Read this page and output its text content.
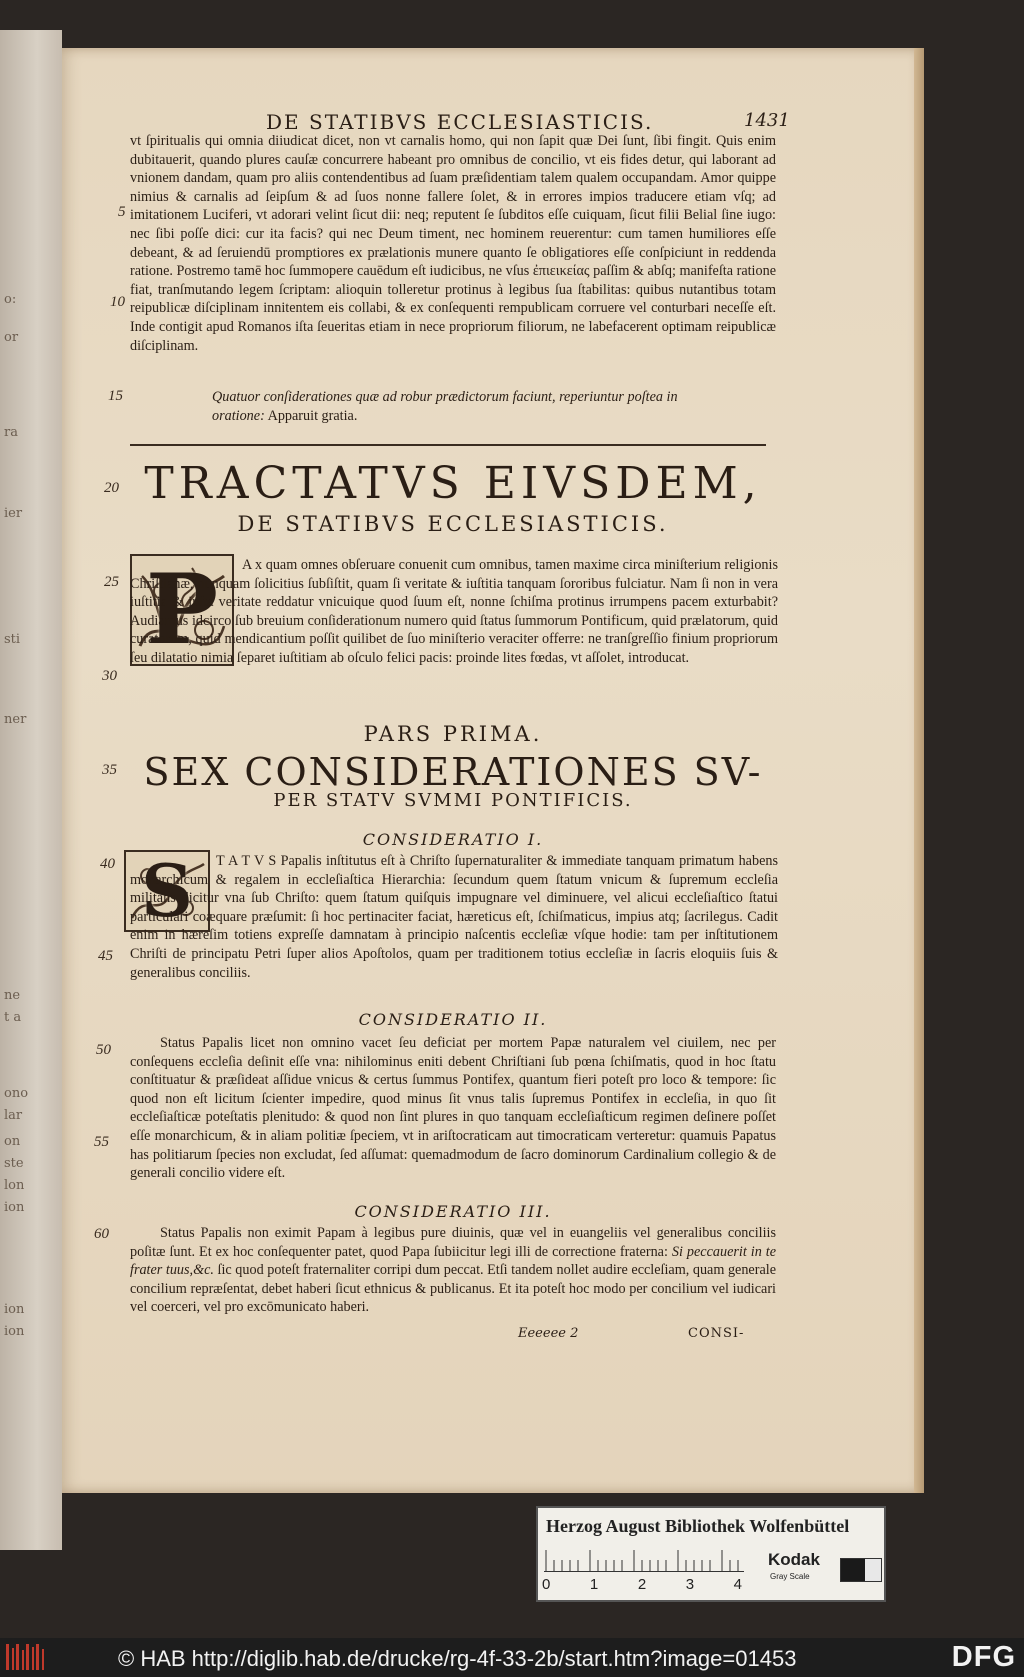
o:
or
ra
ier
sti
ner
ne
t a
ono
lar
on
ste
lon
ion
ion
ion
DE STATIBVS ECCLESIASTICIS.	1431
5
10
15
20
25
30
35
40
45
50
55
60

vt ſpiritualis qui omnia diiudicat dicet, non vt carnalis homo, qui non ſapit quæ Dei ſunt, ſibi fingit. Quis enim dubitauerit, quando plures cauſæ concurrere habeant pro omnibus de concilio, vt eis fides detur, qui laborant ad vnionem dandam, quam pro aliis contendentibus ad ſuam præſidentiam talem qualem occupandam. Amor quippe nimius & carnalis ad ſeipſum & ad ſuos nonne fallere ſolet, & in errores impios traducere etiam vſq; ad imitationem Luciferi, vt adorari velint ſicut dii: neq; reputent ſe ſubditos eſſe cuiquam, ſicut filii Belial ſine iugo: nec ſibi poſſe dici: cur ita facis? qui nec Deum timent, nec hominem reuerentur: cum tamen humiliores eſſe debeant, & ad ſeruiendū promptiores ex prælationis munere quanto ſe obligatiores eſſe conſpiciunt in reddenda ratione. Postremo tamē hoc ſummopere cauēdum eſt iudicibus, ne vſus ἐπιεικείας paſſim & abſq; manifeſta ratione fiat, tranſmutando legem ſcriptam: alioquin tolleretur protinus à legibus ſua ſtabilitas: quibus nutantibus totam reipublicæ diſciplinam innitentem eis collabi, & ex conſequenti rempublicam corruere vel conturbari neceſſe eſt. Inde contigit apud Romanos iſta ſeueritas etiam in nece propriorum filiorum, ne labefacerent optimam reipublicæ diſciplinam.

Quatuor conſiderationes quæ ad robur prædictorum faciunt, reperiuntur poſtea in oratione: Apparuit gratia.
TRACTATVS EIVSDEM,
DE STATIBVS ECCLESIASTICIS.
P	A x quam omnes obſeruare conuenit cum omnibus, tamen maxime circa miniſterium religionis Chriſtianæ, nunquam ſolicitius ſubſiſtit, quam ſi veritate & iuſtitia tanquam ſororibus fulciatur. Nam ſi non in vera iuſtitia & iuſta veritate reddatur vnicuique quod ſuum eſt, nonne ſchiſma protinus irrumpens pacem exturbabit? Audiamus idcirco ſub breuium conſiderationum numero quid ſtatus ſummorum Pontificum, quid prælatorum, quid curatorum, quid mendicantium poſſit quilibet de ſuo miniſterio veraciter offerre: ne tranſgreſſio finium propriorum ſeu dilatatio nimia ſeparet iuſtitiam ab oſculo felici pacis: proinde lites fœdas, vt aſſolet, introducat.

PARS PRIMA.
SEX CONSIDERATIONES SV-
PER STATV SVMMI PONTIFICIS.
CONSIDERATIO I.
S	T A T V S Papalis inſtitutus eſt à Chriſto ſupernaturaliter & immediate tanquam primatum habens monarchicum & regalem in eccleſiaſtica Hierarchia: ſecundum quem ſtatum vnicum & ſupremum eccleſia militans dicitur vna ſub Chriſto: quem ſtatum quiſquis impugnare vel diminuere, vel alicui eccleſiaſtico ſtatui particulari coæquare præſumit: ſi hoc pertinaciter faciat, hæreticus eſt, ſchiſmaticus, impius atq; ſacrilegus. Cadit enim in hæreſim totiens expreſſe damnatam à principio naſcentis eccleſiæ vſque hodie: tam per inſtitutionem Chriſti de principatu Petri ſuper alios Apoſtolos, quam per traditionem totius eccleſiæ in ſacris eloquiis ſuis & generalibus conciliis.

CONSIDERATIO II.

Status Papalis licet non omnino vacet ſeu deficiat per mortem Papæ naturalem vel ciuilem, nec per conſequens eccleſia deſinit eſſe vna: nihilominus eniti debent Chriſtiani ſub pœna ſchiſmatis, quod in hoc ſtatu conſtituatur & præſideat aſſidue vnicus & certus ſummus Pontifex, quantum fieri poteſt pro loco & tempore: ſic quod non eſt licitum ſcienter impedire, quod minus ſit vnus talis ſupremus Pontifex in eccleſia, in quo ſit eccleſiaſticæ poteſtatis plenitudo: & quod non ſint plures in quo tanquam eccleſiaſticum regimen deſinere poſſet eſſe monarchicum, & in aliam politiæ ſpeciem, vt in ariſtocraticam aut timocraticam verteretur: quamuis Papatus has politiarum ſpecies non excludat, ſed aſſumat: quemadmodum de ſacro dominorum Cardinalium collegio & de generali concilio videre eſt.

CONSIDERATIO III.

Status Papalis non eximit Papam à legibus pure diuinis, quæ vel in euangeliis vel generalibus conciliis poſitæ ſunt. Et ex hoc conſequenter patet, quod Papa ſubiicitur legi illi de correctione fraterna: Si peccauerit in te frater tuus,&c. ſic quod poteſt fraternaliter corripi dum peccat. Etſi tandem nollet audire eccleſiam, quam generale concilium repræſentat, debet haberi ſicut ethnicus & publicanus. Et ita poteſt hoc modo per concilium vel iudicari vel coerceri, vel pro excōmunicato haberi.

Eeeeee 2	CONSI-
Herzog August Bibliothek Wolfenbüttel
0	1	2	3	4
Kodak
Gray Scale
© HAB http://diglib.hab.de/drucke/rg-4f-33-2b/start.htm?image=01453	DFG
